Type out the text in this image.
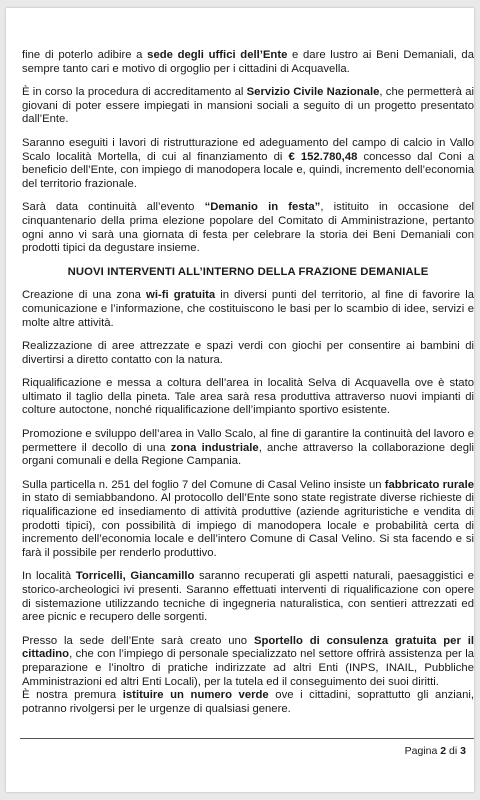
fine di poterlo adibire a sede degli uffici dell’Ente e dare lustro ai Beni Demaniali, da sempre tanto cari e motivo di orgoglio per i cittadini di Acquavella.

È in corso la procedura di accreditamento al Servizio Civile Nazionale, che permetterà ai giovani di poter essere impiegati in mansioni sociali a seguito di un progetto presentato dall’Ente.

Saranno eseguiti i lavori di ristrutturazione ed adeguamento del campo di calcio in Vallo Scalo località Mortella, di cui al finanziamento di € 152.780,48 concesso dal Coni a beneficio dell’Ente, con impiego di manodopera locale e, quindi, incremento dell’economia del territorio frazionale.

Sarà data continuità all’evento “Demanio in festa”, istituito in occasione del cinquantenario della prima elezione popolare del Comitato di Amministrazione, pertanto ogni anno vi sarà una giornata di festa per celebrare la storia dei Beni Demaniali con prodotti tipici da degustare insieme.

NUOVI INTERVENTI ALL’INTERNO DELLA FRAZIONE DEMANIALE

Creazione di una zona wi-fi gratuita in diversi punti del territorio, al fine di favorire la comunicazione e l’informazione, che costituiscono le basi per lo scambio di idee, servizi e molte altre attività.

Realizzazione di aree attrezzate e spazi verdi con giochi per consentire ai bambini di divertirsi a diretto contatto con la natura.

Riqualificazione e messa a coltura dell’area in località Selva di Acquavella ove è stato ultimato il taglio della pineta. Tale area sarà resa produttiva attraverso nuovi impianti di colture autoctone, nonché riqualificazione dell’impianto sportivo esistente.

Promozione e sviluppo dell’area in Vallo Scalo, al fine di garantire la continuità del lavoro e permettere il decollo di una zona industriale, anche attraverso la collaborazione degli organi comunali e della Regione Campania.

Sulla particella n. 251 del foglio 7 del Comune di Casal Velino insiste un fabbricato rurale in stato di semiabbandono. Al protocollo dell’Ente sono state registrate diverse richieste di riqualificazione ed insediamento di attività produttive (aziende agrituristiche e vendita di prodotti tipici), con possibilità di impiego di manodopera locale e probabilità certa di incremento dell’economia locale e dell’intero Comune di Casal Velino. Si sta facendo e si farà il possibile per renderlo produttivo.

In località Torricelli, Giancamillo saranno recuperati gli aspetti naturali, paesaggistici e storico-archeologici ivi presenti. Saranno effettuati interventi di riqualificazione con opere di sistemazione utilizzando tecniche di ingegneria naturalistica, con sentieri attrezzati ed aree picnic e recupero delle sorgenti.

Presso la sede dell’Ente sarà creato uno Sportello di consulenza gratuita per il cittadino, che con l’impiego di personale specializzato nel settore offrirà assistenza per la preparazione e l’inoltro di pratiche indirizzate ad altri Enti (INPS, INAIL, Pubbliche Amministrazioni ed altri Enti Locali), per la tutela ed il conseguimento dei suoi diritti.

È nostra premura istituire un numero verde ove i cittadini, soprattutto gli anziani, potranno rivolgersi per le urgenze di qualsiasi genere.

Pagina 2 di 3
